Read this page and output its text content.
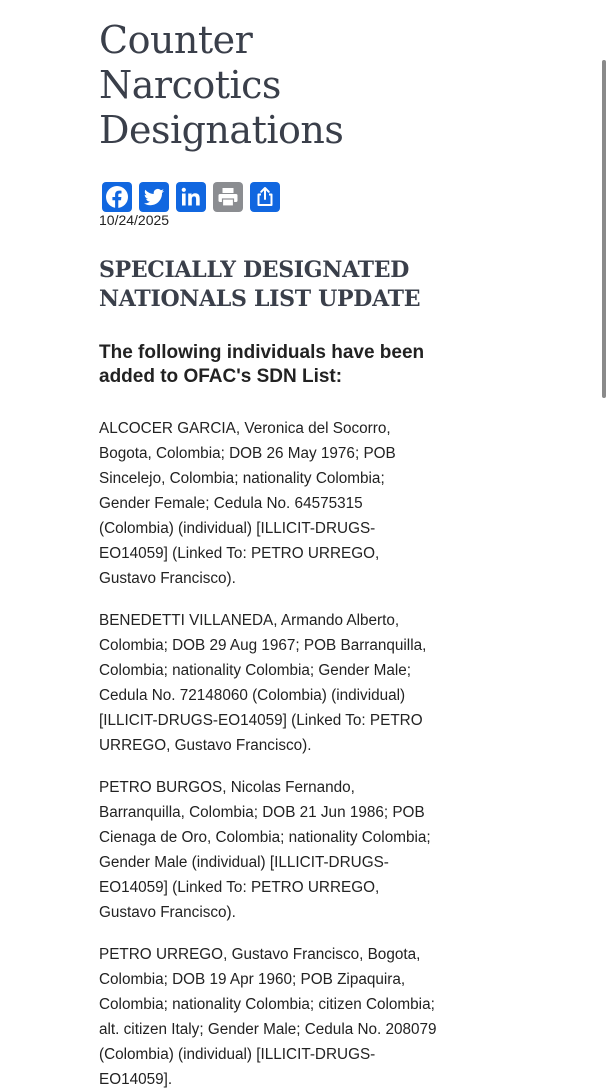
Counter Narcotics Designations
10/24/2025
SPECIALLY DESIGNATED NATIONALS LIST UPDATE
The following individuals have been added to OFAC's SDN List:

ALCOCER GARCIA, Veronica del Socorro, Bogota, Colombia; DOB 26 May 1976; POB Sincelejo, Colombia; nationality Colombia; Gender Female; Cedula No. 64575315 (Colombia) (individual) [ILLICIT-DRUGS-EO14059] (Linked To: PETRO URREGO, Gustavo Francisco).

BENEDETTI VILLANEDA, Armando Alberto, Colombia; DOB 29 Aug 1967; POB Barranquilla, Colombia; nationality Colombia; Gender Male; Cedula No. 72148060 (Colombia) (individual) [ILLICIT-DRUGS-EO14059] (Linked To: PETRO URREGO, Gustavo Francisco).

PETRO BURGOS, Nicolas Fernando, Barranquilla, Colombia; DOB 21 Jun 1986; POB Cienaga de Oro, Colombia; nationality Colombia; Gender Male (individual) [ILLICIT-DRUGS-EO14059] (Linked To: PETRO URREGO, Gustavo Francisco).

PETRO URREGO, Gustavo Francisco, Bogota, Colombia; DOB 19 Apr 1960; POB Zipaquira, Colombia; nationality Colombia; citizen Colombia; alt. citizen Italy; Gender Male; Cedula No. 208079 (Colombia) (individual) [ILLICIT-DRUGS-EO14059].
